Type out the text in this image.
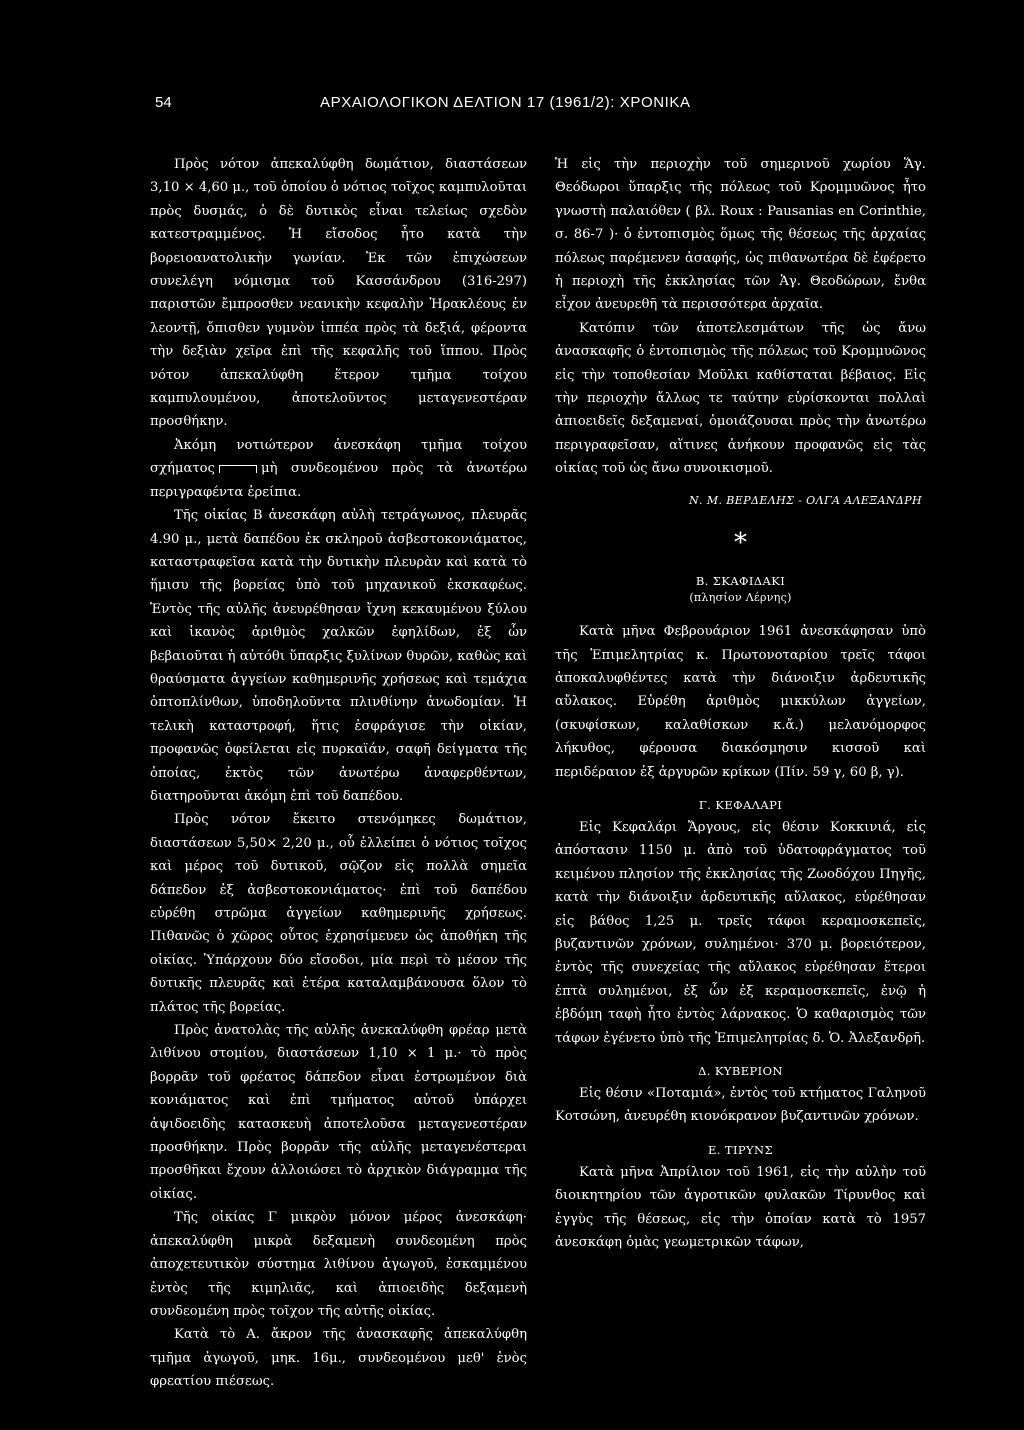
54	ΑΡΧΑΙΟΛΟΓΙΚΟΝ ΔΕΛΤΙΟΝ 17 (1961/2): ΧΡΟΝΙΚΑ

Πρὸς νότον ἀπεκαλύφθη δωμάτιον, διαστάσεων 3,10 × 4,60 μ., τοῦ ὁποίου ὁ νότιος τοῖχος καμπυλοῦται πρὸς δυσμάς, ὁ δὲ δυτικὸς εἶναι τελείως σχεδὸν κατεστραμμένος. Ἡ εἴσοδος ἦτο κατὰ τὴν βορειοανατολικὴν γωνίαν. Ἐκ τῶν ἐπιχώσεων συνελέγη νόμισμα τοῦ Κασσάνδρου (316-297) παριστῶν ἔμπροσθεν νεανικὴν κεφαλὴν Ἡρακλέους ἐν λεοντῇ, ὄπισθεν γυμνὸν ἱππέα πρὸς τὰ δεξιά, φέροντα τὴν δεξιὰν χεῖρα ἐπὶ τῆς κεφαλῆς τοῦ ἵππου. Πρὸς νότον ἀπεκαλύφθη ἕτερον τμῆμα τοίχου καμπυλουμένου, ἀποτελοῦντος μεταγενεστέραν προσθήκην.

Ἀκόμη νοτιώτερον ἀνεσκάφη τμῆμα τοίχου σχήματος	μὴ συνδεομένου πρὸς τὰ ἀνωτέρω περιγραφέντα ἐρείπια.

Τῆς οἰκίας Β ἀνεσκάφη αὐλὴ τετράγωνος, πλευρᾶς 4.90 μ., μετὰ δαπέδου ἐκ σκληροῦ ἀσβεστοκονιάματος, καταστραφεῖσα κατὰ τὴν δυτικὴν πλευρὰν καὶ κατὰ τὸ ἥμισυ τῆς βορείας ὑπὸ τοῦ μηχανικοῦ ἐκσκαφέως. Ἐντὸς τῆς αὐλῆς ἀνευρέθησαν ἴχνη κεκαυμένου ξύλου καὶ ἱκανὸς ἀριθμὸς χαλκῶν ἐφηλίδων, ἐξ ὧν βεβαιοῦται ἡ αὐτόθι ὕπαρξις ξυλίνων θυρῶν, καθὼς καὶ θραύσματα ἀγγείων καθημερινῆς χρήσεως καὶ τεμάχια ὀπτοπλίνθων, ὑποδηλοῦντα πλινθίνην ἀνωδομίαν. Ἡ τελικὴ καταστροφή, ἥτις ἐσφράγισε τὴν οἰκίαν, προφανῶς ὀφείλεται εἰς πυρκαϊάν, σαφῆ δείγματα τῆς ὁποίας, ἐκτὸς τῶν ἀνωτέρω ἀναφερθέντων, διατηροῦνται ἀκόμη ἐπὶ τοῦ δαπέδου.

Πρὸς νότον ἔκειτο στενόμηκες δωμάτιον, διαστάσεων 5,50× 2,20 μ., οὗ ἐλλείπει ὁ νότιος τοῖχος καὶ μέρος τοῦ δυτικοῦ, σῷζον εἰς πολλὰ σημεῖα δάπεδον ἐξ ἀσβεστοκονιάματος· ἐπὶ τοῦ δαπέδου εὑρέθη στρῶμα ἀγγείων καθημερινῆς χρήσεως. Πιθανῶς ὁ χῶρος οὗτος ἐχρησίμευεν ὡς ἀποθήκη τῆς οἰκίας. Ὑπάρχουν δύο εἴσοδοι, μία περὶ τὸ μέσον τῆς δυτικῆς πλευρᾶς καὶ ἑτέρα καταλαμβάνουσα ὅλον τὸ πλάτος τῆς βορείας.

Πρὸς ἀνατολὰς τῆς αὐλῆς ἀνεκαλύφθη φρέαρ μετὰ λιθίνου στομίου, διαστάσεων 1,10 × 1 μ.· τὸ πρὸς βορρᾶν τοῦ φρέατος δάπεδον εἶναι ἐστρωμένον διὰ κονιάματος καὶ ἐπὶ τμήματος αὐτοῦ ὑπάρχει ἀψιδοειδὴς κατασκευὴ ἀποτελοῦσα μεταγενεστέραν προσθήκην. Πρὸς βορρᾶν τῆς αὐλῆς μεταγενέστεραι προσθῆκαι ἔχουν ἀλλοιώσει τὸ ἀρχικὸν διάγραμμα τῆς οἰκίας.

Τῆς οἰκίας Γ μικρὸν μόνον μέρος ἀνεσκάφη· ἀπεκαλύφθη μικρὰ δεξαμενὴ συνδεομένη πρὸς ἀποχετευτικὸν σύστημα λιθίνου ἀγωγοῦ, ἐσκαμμένου ἐντὸς τῆς κιμηλιᾶς, καὶ ἀπιοειδὴς δεξαμενὴ συνδεομένη πρὸς τοῖχον τῆς αὐτῆς οἰκίας.

Κατὰ τὸ Α. ἄκρον τῆς ἀνασκαφῆς ἀπεκαλύφθη τμῆμα ἀγωγοῦ, μηκ. 16μ., συνδεομένου μεθ' ἑνὸς φρεατίου πιέσεως.

Ἡ εἰς τὴν περιοχὴν τοῦ σημερινοῦ χωρίου Ἅγ. Θεόδωροι ὕπαρξις τῆς πόλεως τοῦ Κρομμυῶνος ἦτο γνωστὴ παλαιόθεν ( βλ. Roux : Pausanias en Corinthie, σ. 86-7 )· ὁ ἐντοπισμὸς ὅμως τῆς θέσεως τῆς ἀρχαίας πόλεως παρέμενεν ἀσαφής, ὡς πιθανωτέρα δὲ ἐφέρετο ἡ περιοχὴ τῆς ἐκκλησίας τῶν Ἁγ. Θεοδώρων, ἔνθα εἶχον ἀνευρεθῆ τὰ περισσότερα ἀρχαῖα.

Κατόπιν τῶν ἀποτελεσμάτων τῆς ὡς ἄνω ἀνασκαφῆς ὁ ἐντοπισμὸς τῆς πόλεως τοῦ Κρομμυῶνος εἰς τὴν τοποθεσίαν Μοῦλκι καθίσταται βέβαιος. Εἰς τὴν περιοχὴν ἄλλως τε ταύτην εὑρίσκονται πολλαὶ ἀπιοειδεῖς δεξαμεναί, ὁμοιάζουσαι πρὸς τὴν ἀνωτέρω περιγραφεῖσαν, αἵτινες ἀνήκουν προφανῶς εἰς τὰς οἰκίας τοῦ ὡς ἄνω συνοικισμοῦ.

Ν. Μ. ΒΕΡΔΕΛΗΣ - ΟΛΓΑ ΑΛΕΞΑΝΔΡΗ
*
Β. ΣΚΑΦΙΔΑΚΙ
(πλησίον Λέρνης)

Κατὰ μῆνα Φεβρουάριον 1961 ἀνεσκάφησαν ὑπὸ τῆς Ἐπιμελητρίας κ. Πρωτονοταρίου τρεῖς τάφοι ἀποκαλυφθέντες κατὰ τὴν διάνοιξιν ἀρδευτικῆς αὔλακος. Εὑρέθη ἀριθμὸς μικκύλων ἀγγείων, (σκυφίσκων, καλαθίσκων κ.ἄ.) μελανόμορφος λήκυθος, φέρουσα διακόσμησιν κισσοῦ καὶ περιδέραιον ἐξ ἀργυρῶν κρίκων (Πίν. 59 γ, 60 β, γ).

Γ. ΚΕΦΑΛΑΡΙ

Εἰς Κεφαλάρι Ἄργους, εἰς θέσιν Κοκκινιά, εἰς ἀπόστασιν 1150 μ. ἀπὸ τοῦ ὑδατοφράγματος τοῦ κειμένου πλησίον τῆς ἐκκλησίας τῆς Ζωοδόχου Πηγῆς, κατὰ τὴν διάνοιξιν ἀρδευτικῆς αὔλακος, εὑρέθησαν εἰς βάθος 1,25 μ. τρεῖς τάφοι κεραμοσκεπεῖς, βυζαντινῶν χρόνων, συλημένοι· 370 μ. βορειότερον, ἐντὸς τῆς συνεχείας τῆς αὔλακος εὑρέθησαν ἕτεροι ἑπτὰ συλημένοι, ἐξ ὧν ἐξ κεραμοσκεπεῖς, ἐνῷ ἡ ἑβδόμη ταφὴ ἦτο ἐντὸς λάρνακος. Ὁ καθαρισμὸς τῶν τάφων ἐγένετο ὑπὸ τῆς Ἐπιμελητρίας δ. Ὁ. Ἀλεξανδρῆ.

Δ. ΚΥΒΕΡΙΟΝ

Εἰς θέσιν «Ποταμιά», ἐντὸς τοῦ κτήματος Γαληνοῦ Κοτσώνη, ἀνευρέθη κιονόκρανον βυζαντινῶν χρόνων.

Ε. ΤΙΡΥΝΣ

Κατὰ μῆνα Ἀπρίλιον τοῦ 1961, εἰς τὴν αὐλὴν τοῦ διοικητηρίου τῶν ἀγροτικῶν φυλακῶν Τίρυνθος καὶ ἐγγὺς τῆς θέσεως, εἰς τὴν ὁποίαν κατὰ τὸ 1957 ἀνεσκάφη ὁμὰς γεωμετρικῶν τάφων,
